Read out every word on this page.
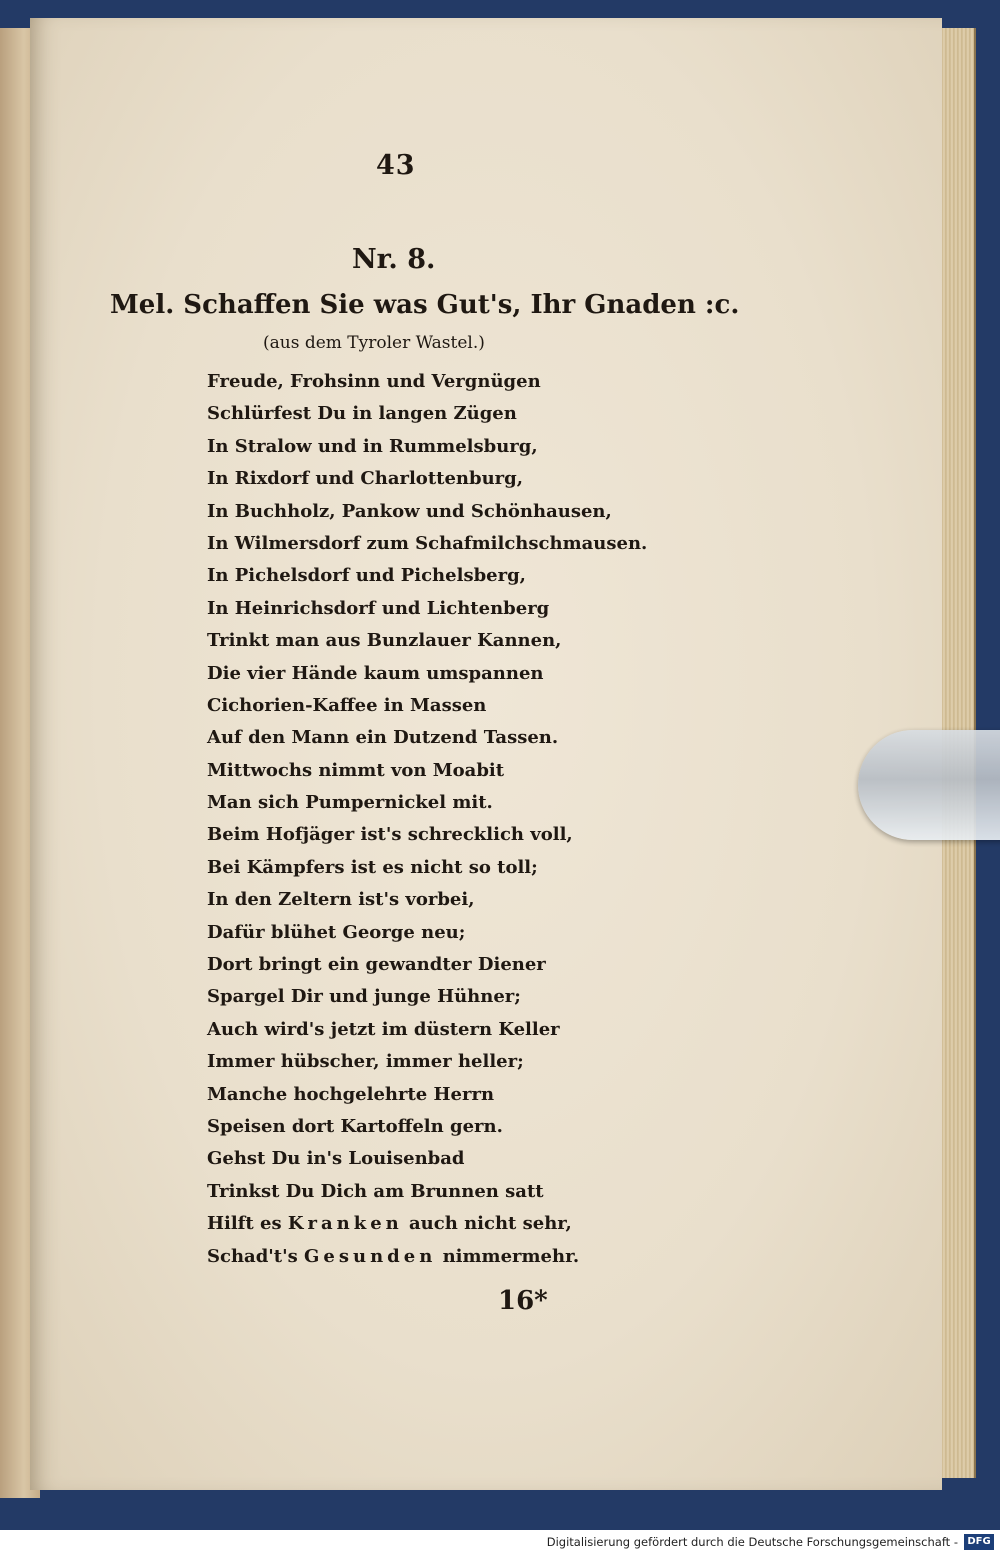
43
Nr. 8.
Mel. Schaffen Sie was Gut's, Ihr Gnaden :c.
(aus dem Tyroler Wastel.)
Freude, Frohsinn und Vergnügen
Schlürfest Du in langen Zügen
In Stralow und in Rummelsburg,
In Rixdorf und Charlottenburg,
In Buchholz, Pankow und Schönhausen,
In Wilmersdorf zum Schafmilchschmausen.
In Pichelsdorf und Pichelsberg,
In Heinrichsdorf und Lichtenberg
Trinkt man aus Bunzlauer Kannen,
Die vier Hände kaum umspannen
Cichorien-Kaffee in Massen
Auf den Mann ein Dutzend Tassen.
Mittwochs nimmt von Moabit
Man sich Pumpernickel mit.
Beim Hofjäger ist's schrecklich voll,
Bei Kämpfers ist es nicht so toll;
In den Zeltern ist's vorbei,
Dafür blühet George neu;
Dort bringt ein gewandter Diener
Spargel Dir und junge Hühner;
Auch wird's jetzt im düstern Keller
Immer hübscher, immer heller;
Manche hochgelehrte Herrn
Speisen dort Kartoffeln gern.
Gehst Du in's Louisenbad
Trinkst Du Dich am Brunnen satt
Hilft es Kranken auch nicht sehr,
Schad't's Gesunden nimmermehr.
16*
Digitalisierung gefördert durch die Deutsche Forschungsgemeinschaft - DFG
